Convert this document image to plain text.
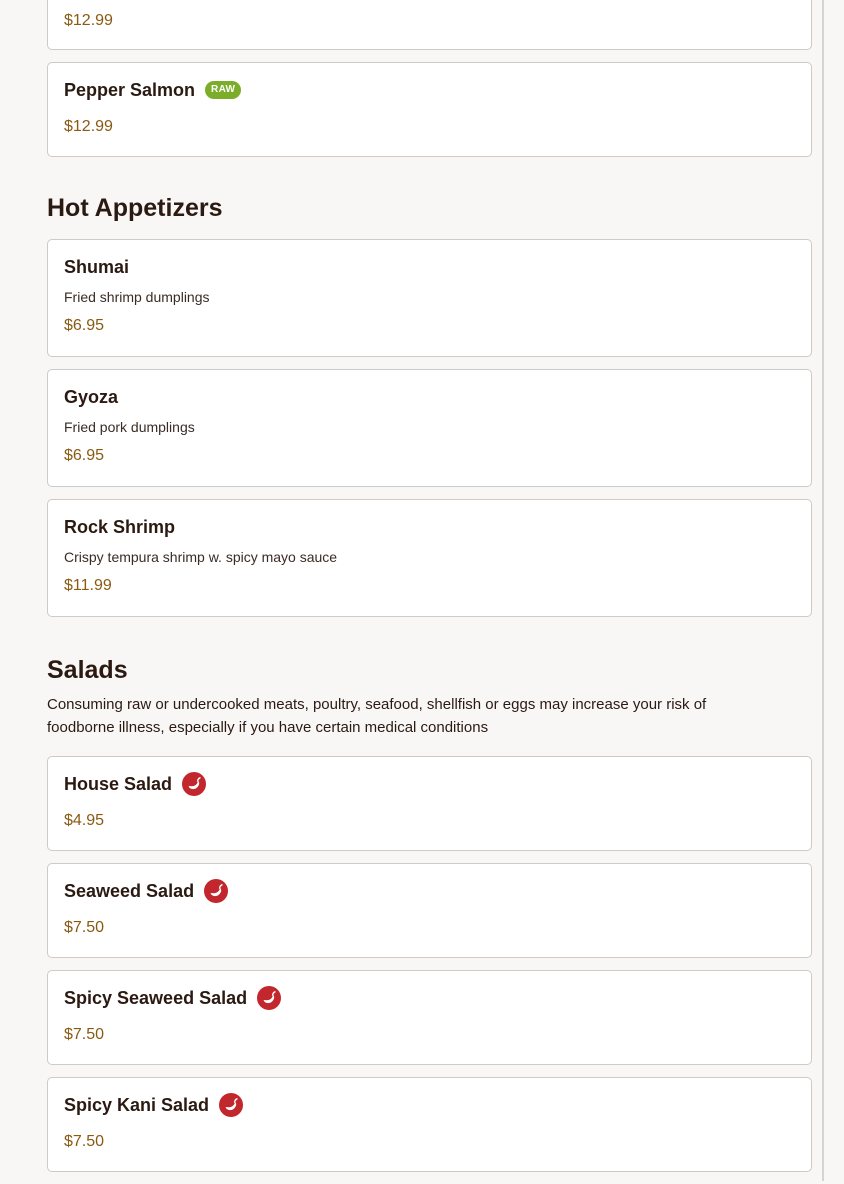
$12.99
Pepper Salmon	RAW
$12.99
Hot Appetizers
Shumai
Fried shrimp dumplings
$6.95
Gyoza
Fried pork dumplings
$6.95
Rock Shrimp
Crispy tempura shrimp w. spicy mayo sauce
$11.99
Salads
Consuming raw or undercooked meats, poultry, seafood, shellfish or eggs may increase your risk of foodborne illness, especially if you have certain medical conditions
House Salad
$4.95
Seaweed Salad
$7.50
Spicy Seaweed Salad
$7.50
Spicy Kani Salad
$7.50
